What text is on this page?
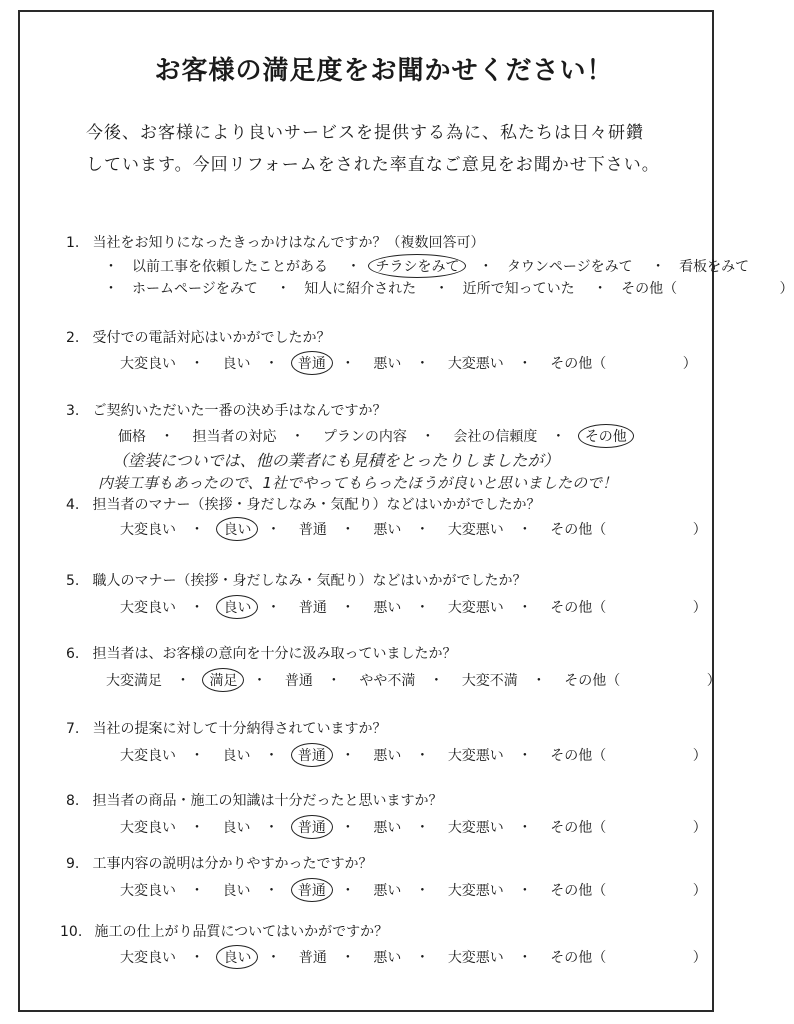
お客様の満足度をお聞かせください！
今後、お客様により良いサービスを提供する為に、私たちは日々研鑽
しています。今回リフォームをされた率直なご意見をお聞かせ下さい。
1. 当社をお知りになったきっかけはなんですか？（複数回答可）
・ 以前工事を依頼したことがある ・ チラシをみて ・ タウンページをみて ・ 看板をみて
・ ホームページをみて ・ 知人に紹介された ・ 近所で知っていた ・ その他（	）
2. 受付での電話対応はいかがでしたか？
大変良い ・ 良い ・ 普通 ・ 悪い ・ 大変悪い ・ その他（	）
3. ご契約いただいた一番の決め手はなんですか？
価格 ・ 担当者の対応 ・ プランの内容 ・ 会社の信頼度 ・ その他
（塗装についでは、他の業者にも見積をとったりしましたが）
内装工事もあったので、1社でやってもらったほうが良いと思いましたので！
4. 担当者のマナー（挨拶・身だしなみ・気配り）などはいかがでしたか？
大変良い ・ 良い ・ 普通 ・ 悪い ・ 大変悪い ・ その他（	）
5. 職人のマナー（挨拶・身だしなみ・気配り）などはいかがでしたか？
大変良い ・ 良い ・ 普通 ・ 悪い ・ 大変悪い ・ その他（	）
6. 担当者は、お客様の意向を十分に汲み取っていましたか？
大変満足 ・ 満足 ・ 普通 ・ やや不満 ・ 大変不満 ・ その他（	）
7. 当社の提案に対して十分納得されていますか？
大変良い ・ 良い ・ 普通 ・ 悪い ・ 大変悪い ・ その他（	）
8. 担当者の商品・施工の知識は十分だったと思いますか？
大変良い ・ 良い ・ 普通 ・ 悪い ・ 大変悪い ・ その他（	）
9. 工事内容の説明は分かりやすかったですか？
大変良い ・ 良い ・ 普通 ・ 悪い ・ 大変悪い ・ その他（	）
10. 施工の仕上がり品質についてはいかがですか？
大変良い ・ 良い ・ 普通 ・ 悪い ・ 大変悪い ・ その他（	）
